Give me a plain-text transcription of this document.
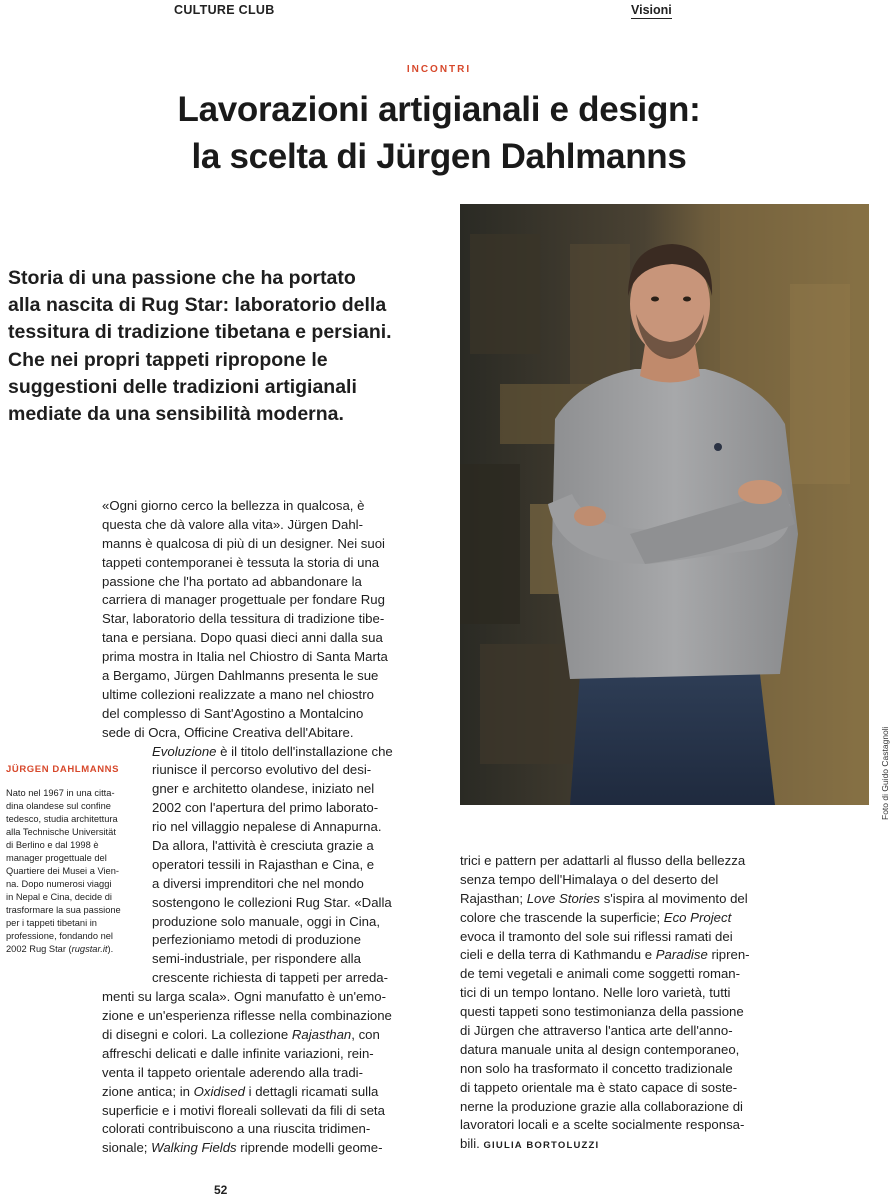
CULTURE CLUB	Visioni
INCONTRI
Lavorazioni artigianali e design:
la scelta di Jürgen Dahlmanns
Storia di una passione che ha portato
alla nascita di Rug Star: laboratorio della
tessitura di tradizione tibetana e persiani.
Che nei propri tappeti ripropone le
suggestioni delle tradizioni artigianali
mediate da una sensibilità moderna.
Foto di Guido Castagnoli
JÜRGEN DAHLMANNS
Nato nel 1967 in una citta-
dina olandese sul confine
tedesco, studia architettura
alla Technische Universität
di Berlino e dal 1998 è
manager progettuale del
Quartiere dei Musei a Vien-
na. Dopo numerosi viaggi
in Nepal e Cina, decide di
trasformare la sua passione
per i tappeti tibetani in
professione, fondando nel
2002 Rug Star (rugstar.it).
«Ogni giorno cerco la bellezza in qualcosa, è
questa che dà valore alla vita». Jürgen Dahl-
manns è qualcosa di più di un designer. Nei suoi
tappeti contemporanei è tessuta la storia di una
passione che l'ha portato ad abbandonare la
carriera di manager progettuale per fondare Rug
Star, laboratorio della tessitura di tradizione tibe-
tana e persiana. Dopo quasi dieci anni dalla sua
prima mostra in Italia nel Chiostro di Santa Marta
a Bergamo, Jürgen Dahlmanns presenta le sue
ultime collezioni realizzate a mano nel chiostro
del complesso di Sant'Agostino a Montalcino
sede di Ocra, Officine Creativa dell'Abitare.
Evoluzione è il titolo dell'installazione che
riunisce il percorso evolutivo del desi-
gner e architetto olandese, iniziato nel
2002 con l'apertura del primo laborato-
rio nel villaggio nepalese di Annapurna.
Da allora, l'attività è cresciuta grazie a
operatori tessili in Rajasthan e Cina, e
a diversi imprenditori che nel mondo
sostengono le collezioni Rug Star. «Dalla
produzione solo manuale, oggi in Cina,
perfezioniamo metodi di produzione
semi-industriale, per rispondere alla
crescente richiesta di tappeti per arreda-
menti su larga scala». Ogni manufatto è un'emo-
zione e un'esperienza riflesse nella combinazione
di disegni e colori. La collezione Rajasthan, con
affreschi delicati e dalle infinite variazioni, rein-
venta il tappeto orientale aderendo alla tradi-
zione antica; in Oxidised i dettagli ricamati sulla
superficie e i motivi floreali sollevati da fili di seta
colorati contribuiscono a una riuscita tridimen-
sionale; Walking Fields riprende modelli geome-
trici e pattern per adattarli al flusso della bellezza
senza tempo dell'Himalaya o del deserto del
Rajasthan; Love Stories s'ispira al movimento del
colore che trascende la superficie; Eco Project
evoca il tramonto del sole sui riflessi ramati dei
cieli e della terra di Kathmandu e Paradise ripren-
de temi vegetali e animali come soggetti roman-
tici di un tempo lontano. Nelle loro varietà, tutti
questi tappeti sono testimonianza della passione
di Jürgen che attraverso l'antica arte dell'anno-
datura manuale unita al design contemporaneo,
non solo ha trasformato il concetto tradizionale
di tappeto orientale ma è stato capace di soste-
nerne la produzione grazie alla collaborazione di
lavoratori locali e a scelte socialmente responsa-
bili. GIULIA BORTOLUZZI
52
